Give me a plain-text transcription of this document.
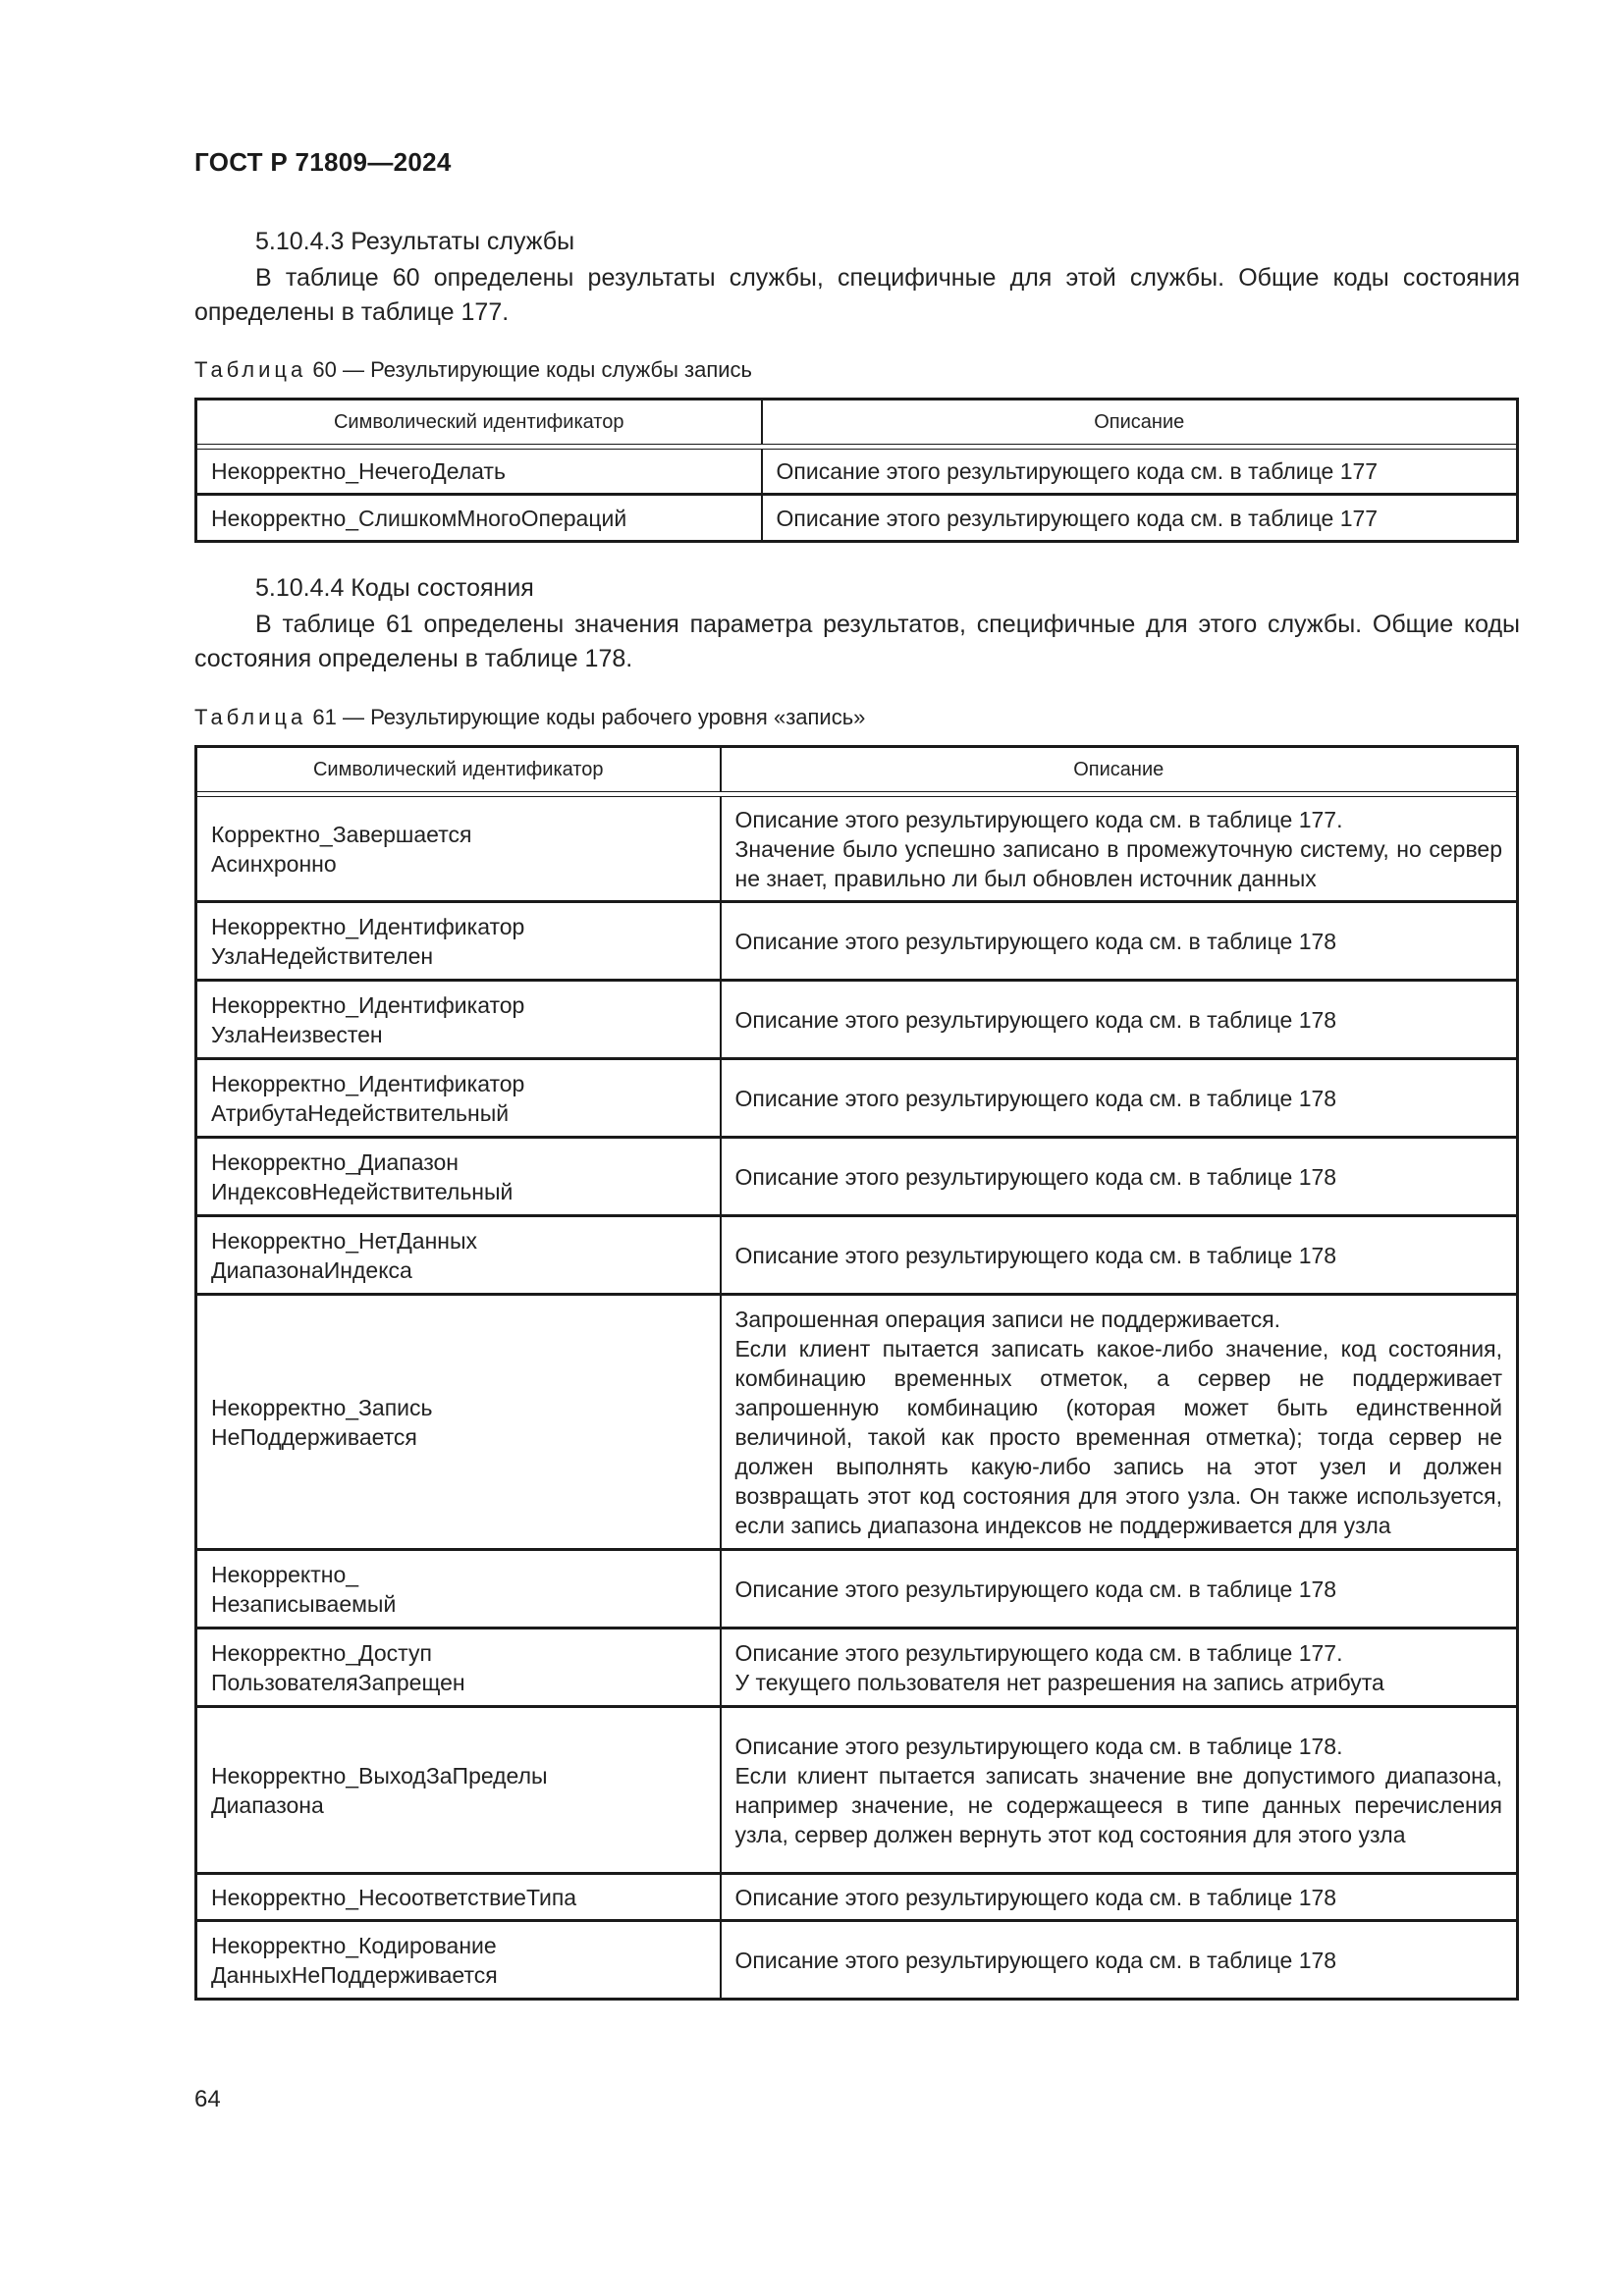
ГОСТ Р 71809—2024
5.10.4.3 Результаты службы
В таблице 60 определены результаты службы, специфичные для этой службы. Общие коды состояния определены в таблице 177.
Таблица 60 — Результирующие коды службы запись
Символический идентификатор	Описание

Некорректно_НечегоДелать	Описание этого результирующего кода см. в таблице 177
Некорректно_СлишкомМногоОпераций	Описание этого результирующего кода см. в таблице 177
5.10.4.4 Коды состояния
В таблице 61 определены значения параметра результатов, специфичные для этого службы. Общие коды состояния определены в таблице 178.
Таблица 61 — Результирующие коды рабочего уровня «запись»
Символический идентификатор	Описание

Корректно_Завершается
Асинхронно	Описание этого результирующего кода см. в таблице 177.
Значение было успешно записано в промежуточную систему, но сервер не знает, правильно ли был обновлен источник данных

Некорректно_Идентификатор
УзлаНедействителен	Описание этого результирующего кода см. в таблице 178

Некорректно_Идентификатор
УзлаНеизвестен	Описание этого результирующего кода см. в таблице 178

Некорректно_Идентификатор
АтрибутаНедействительный	Описание этого результирующего кода см. в таблице 178

Некорректно_Диапазон
ИндексовНедействительный	Описание этого результирующего кода см. в таблице 178

Некорректно_НетДанных
ДиапазонаИндекса	Описание этого результирующего кода см. в таблице 178

Некорректно_Запись
НеПоддерживается	Запрошенная операция записи не поддерживается.
Если клиент пытается записать какое-либо значение, код состояния, комбинацию временных отметок, а сервер не поддерживает запрошенную комбинацию (которая может быть единственной величиной, такой как просто временная отметка); тогда сервер не должен выполнять какую-либо запись на этот узел и должен возвращать этот код состояния для этого узла. Он также используется, если запись диапазона индексов не поддерживается для узла

Некорректно_
Незаписываемый	Описание этого результирующего кода см. в таблице 178

Некорректно_Доступ
ПользователяЗапрещен	Описание этого результирующего кода см. в таблице 177.
У текущего пользователя нет разрешения на запись атрибута

Некорректно_ВыходЗаПределы
Диапазона	Описание этого результирующего кода см. в таблице 178.
Если клиент пытается записать значение вне допустимого диапазона, например значение, не содержащееся в типе данных перечисления узла, сервер должен вернуть этот код состояния для этого узла

Некорректно_НесоответствиеТипа	Описание этого результирующего кода см. в таблице 178

Некорректно_Кодирование
ДанныхНеПоддерживается	Описание этого результирующего кода см. в таблице 178
64
